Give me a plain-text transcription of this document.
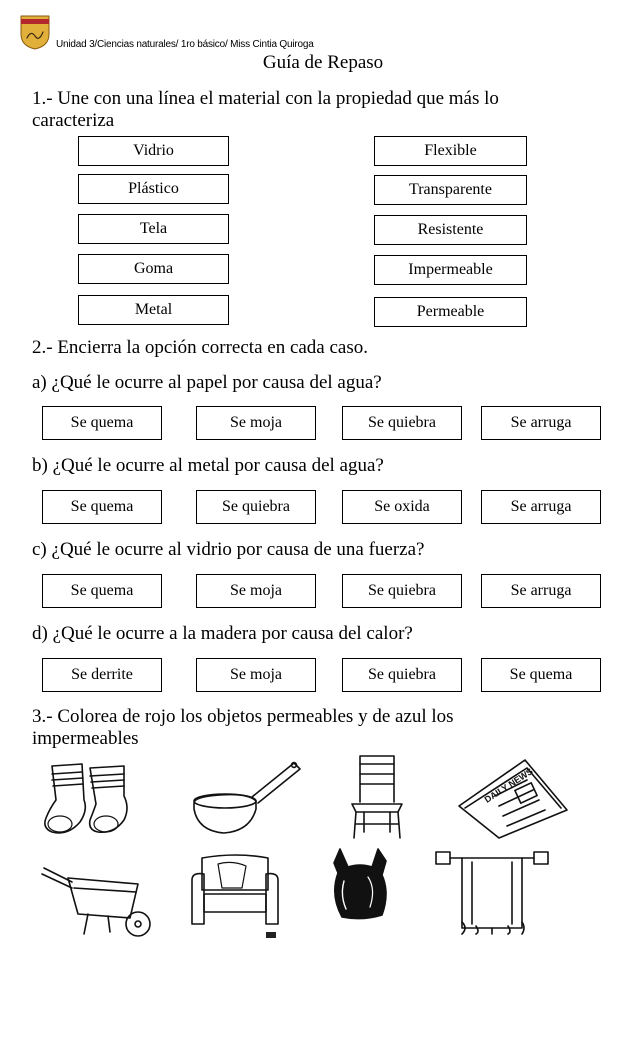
Unidad 3/Ciencias naturales/ 1ro básico/ Miss Cintia Quiroga
Guía de Repaso
1.- Une con una línea el material con la propiedad que más lo
caracteriza
Vidrio
Plástico
Tela
Goma
Metal
Flexible
Transparente
Resistente
Impermeable
Permeable
2.- Encierra la opción correcta en cada caso.
a) ¿Qué le ocurre al papel por causa del agua?
Se quema	Se moja	Se quiebra	Se arruga
b) ¿Qué le ocurre al metal por causa del agua?
Se quema	Se quiebra	Se oxida	Se arruga
c) ¿Qué le ocurre al vidrio por causa de una fuerza?
Se quema	Se moja	Se quiebra	Se arruga
d) ¿Qué le ocurre a la madera por causa del calor?
Se derrite	Se moja	Se quiebra	Se quema
3.- Colorea de rojo los objetos permeables y de azul los
impermeables
DAILY NEWS
